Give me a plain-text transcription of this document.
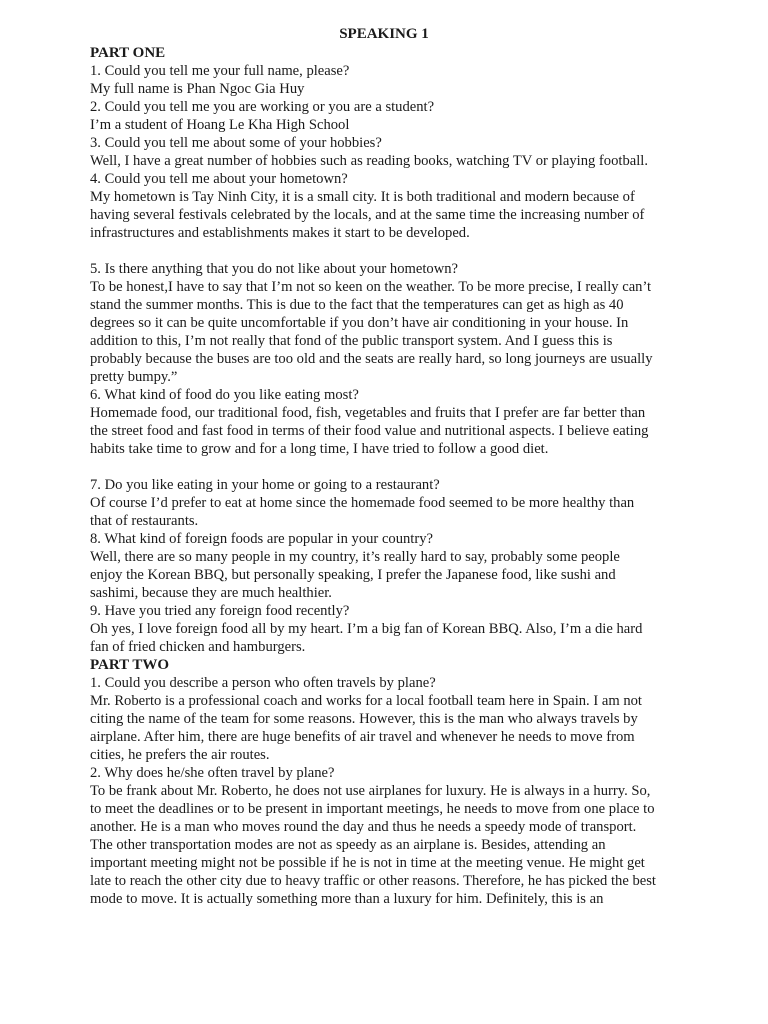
SPEAKING 1
PART ONE
1. Could you tell me your full name, please?
My full name is Phan Ngoc Gia Huy
2. Could you tell me you are working or you are a student?
I’m a student of Hoang Le Kha High School
3. Could you tell me about some of your hobbies?
Well, I have a great number of hobbies such as reading books, watching TV or playing football.
4. Could you tell me about your hometown?
My hometown is Tay Ninh City, it is a small city. It is both traditional and modern because of
having several festivals celebrated by the locals, and at the same time the increasing number of
infrastructures and establishments makes it start to be developed.
5. Is there anything that you do not like about your hometown?
To be honest,I have to say that I’m not so keen on the weather. To be more precise, I really can’t
stand the summer months. This is due to the fact that the temperatures can get as high as 40
degrees so it can be quite uncomfortable if you don’t have air conditioning in your house. In
addition to this, I’m not really that fond of the public transport system. And I guess this is
probably because the buses are too old and the seats are really hard, so long journeys are usually
pretty bumpy.”
6. What kind of food do you like eating most?
Homemade food, our traditional food, fish, vegetables and fruits that I prefer are far better than
the street food and fast food in terms of their food value and nutritional aspects. I believe eating
habits take time to grow and for a long time, I have tried to follow a good diet.
7. Do you like eating in your home or going to a restaurant?
Of course I’d prefer to eat at home since the homemade food seemed to be more healthy than
that of restaurants.
8. What kind of foreign foods are popular in your country?
Well, there are so many people in my country, it’s really hard to say, probably some people
enjoy the Korean BBQ, but personally speaking, I prefer the Japanese food, like sushi and
sashimi, because they are much healthier.
9. Have you tried any foreign food recently?
Oh yes, I love foreign food all by my heart. I’m a big fan of Korean BBQ. Also, I’m a die hard
fan of fried chicken and hamburgers.
PART TWO
1. Could you describe a person who often travels by plane?
Mr. Roberto is a professional coach and works for a local football team here in Spain. I am not
citing the name of the team for some reasons. However, this is the man who always travels by
airplane. After him, there are huge benefits of air travel and whenever he needs to move from
cities, he prefers the air routes.
2. Why does he/she often travel by plane?
To be frank about Mr. Roberto, he does not use airplanes for luxury. He is always in a hurry. So,
to meet the deadlines or to be present in important meetings, he needs to move from one place to
another. He is a man who moves round the day and thus he needs a speedy mode of transport.
The other transportation modes are not as speedy as an airplane is. Besides, attending an
important meeting might not be possible if he is not in time at the meeting venue. He might get
late to reach the other city due to heavy traffic or other reasons. Therefore, he has picked the best
mode to move. It is actually something more than a luxury for him. Definitely, this is an
